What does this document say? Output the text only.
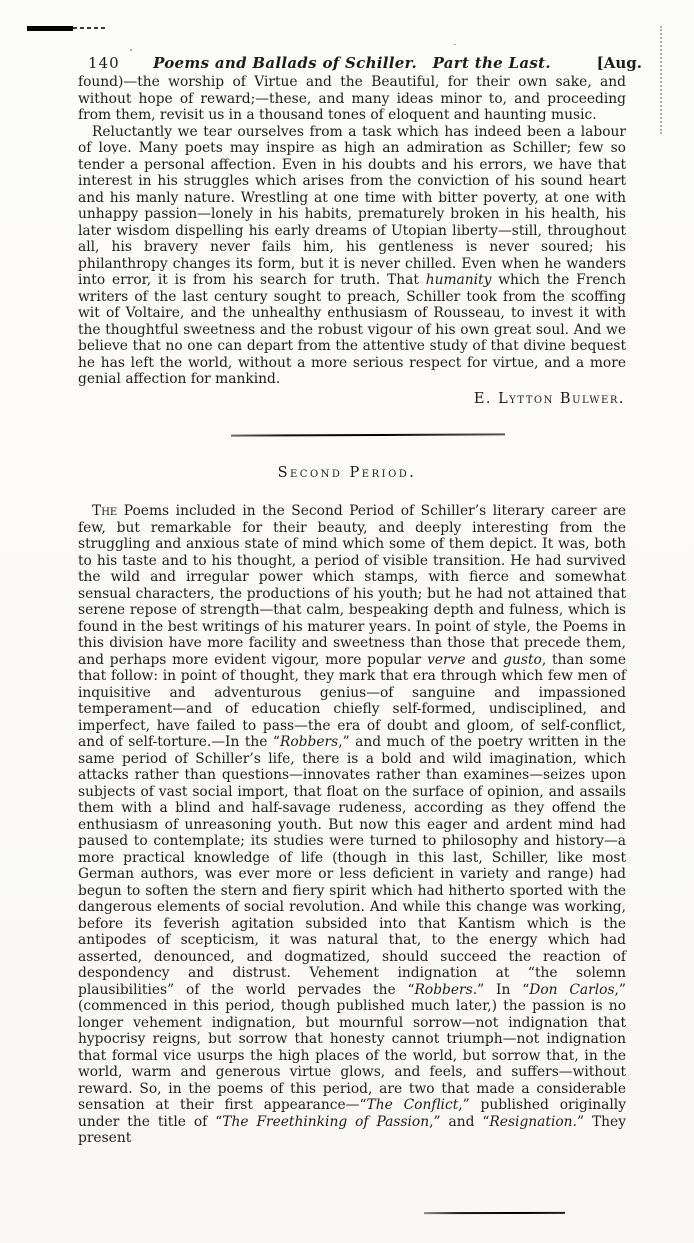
140	Poems and Ballads of Schiller.  Part the Last.	[Aug.

found)—the worship of Virtue and the Beautiful, for their own sake, and without hope of reward;—these, and many ideas minor to, and proceeding from them, revisit us in a thousand tones of eloquent and haunting music.

Reluctantly we tear ourselves from a task which has indeed been a labour of love. Many poets may inspire as high an admiration as Schiller; few so tender a personal affection. Even in his doubts and his errors, we have that interest in his struggles which arises from the conviction of his sound heart and his manly nature. Wrestling at one time with bitter poverty, at one with unhappy passion—lonely in his habits, prematurely broken in his health, his later wisdom dispelling his early dreams of Utopian liberty—still, throughout all, his bravery never fails him, his gentleness is never soured; his philanthropy changes its form, but it is never chilled. Even when he wanders into error, it is from his search for truth. That humanity which the French writers of the last century sought to preach, Schiller took from the scoffing wit of Voltaire, and the unhealthy enthusiasm of Rousseau, to invest it with the thoughtful sweetness and the robust vigour of his own great soul. And we believe that no one can depart from the attentive study of that divine bequest he has left the world, without a more serious respect for virtue, and a more genial affection for mankind.

E. Lytton Bulwer.
Second Period.

The Poems included in the Second Period of Schiller’s literary career are few, but remarkable for their beauty, and deeply interesting from the struggling and anxious state of mind which some of them depict. It was, both to his taste and to his thought, a period of visible transition. He had survived the wild and irregular power which stamps, with fierce and somewhat sensual characters, the productions of his youth; but he had not attained that serene repose of strength—that calm, bespeaking depth and fulness, which is found in the best writings of his maturer years. In point of style, the Poems in this division have more facility and sweetness than those that precede them, and perhaps more evident vigour, more popular verve and gusto, than some that follow: in point of thought, they mark that era through which few men of inquisitive and adventurous genius—of sanguine and impassioned temperament—and of education chiefly self-formed, undisciplined, and imperfect, have failed to pass—the era of doubt and gloom, of self-conflict, and of self-torture.—In the “Robbers,” and much of the poetry written in the same period of Schiller’s life, there is a bold and wild imagination, which attacks rather than questions—innovates rather than examines—seizes upon subjects of vast social import, that float on the surface of opinion, and assails them with a blind and half-savage rudeness, according as they offend the enthusiasm of unreasoning youth. But now this eager and ardent mind had paused to contemplate; its studies were turned to philosophy and history—a more practical knowledge of life (though in this last, Schiller, like most German authors, was ever more or less deficient in variety and range) had begun to soften the stern and fiery spirit which had hitherto sported with the dangerous elements of social revolution. And while this change was working, before its feverish agitation subsided into that Kantism which is the antipodes of scepticism, it was natural that, to the energy which had asserted, denounced, and dogmatized, should succeed the reaction of despondency and distrust. Vehement indignation at “the solemn plausibilities” of the world pervades the “Robbers.” In “Don Carlos,” (commenced in this period, though published much later,) the passion is no longer vehement indignation, but mournful sorrow—not indignation that hypocrisy reigns, but sorrow that honesty cannot triumph—not indignation that formal vice usurps the high places of the world, but sorrow that, in the world, warm and generous virtue glows, and feels, and suffers—without reward. So, in the poems of this period, are two that made a considerable sensation at their first appearance—“The Conflict,” published originally under the title of “The Freethinking of Passion,” and “Resignation.” They present
